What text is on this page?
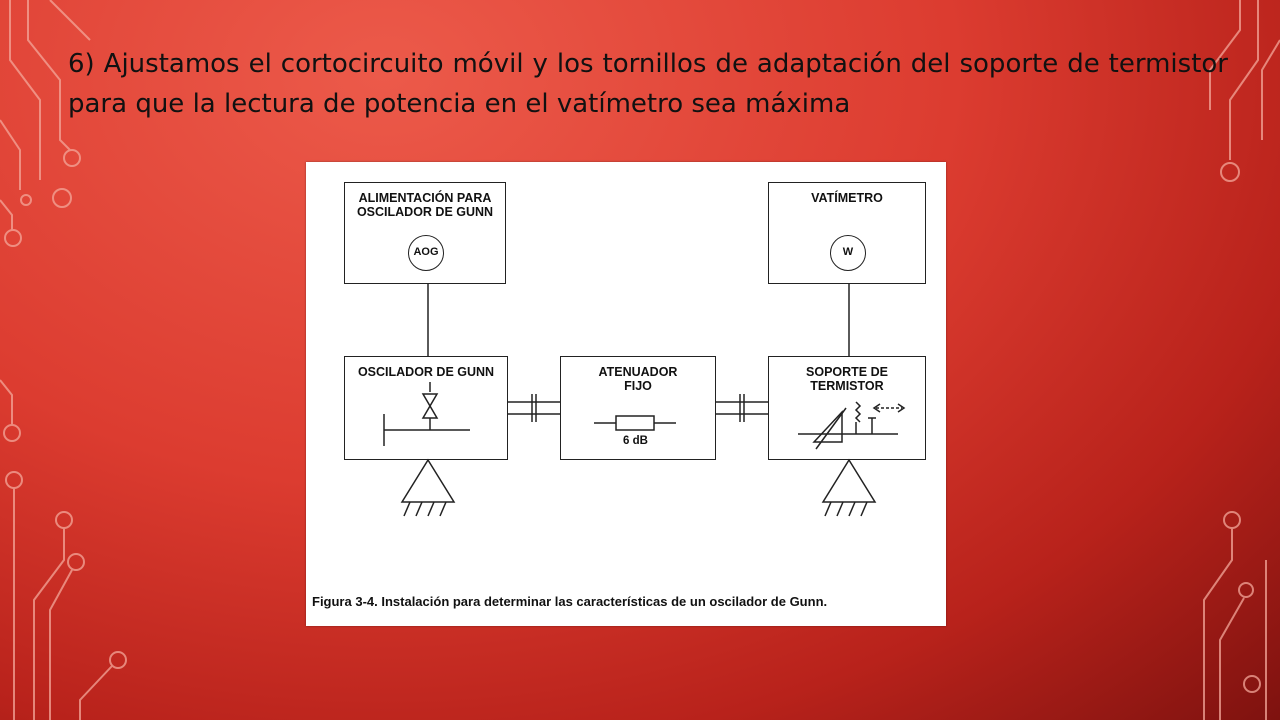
6) Ajustamos el cortocircuito móvil y los tornillos de adaptación del soporte de termistor para que la lectura de potencia en el vatímetro sea máxima

ALIMENTACIÓN PARA
OSCILADOR DE GUNN
AOG
VATÍMETRO
W
OSCILADOR DE GUNN	ATENUADOR
FIJO
6 dB
SOPORTE DE
TERMISTOR
Figura 3-4. Instalación para determinar las características de un oscilador de Gunn.
